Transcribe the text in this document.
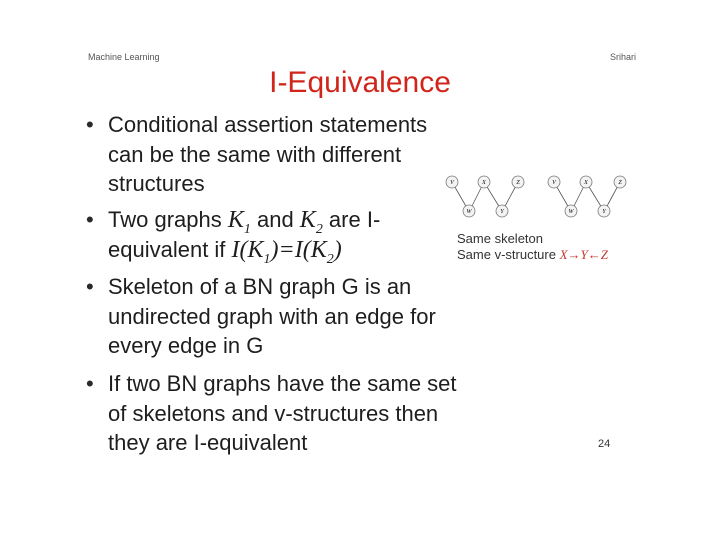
Machine Learning	Srihari
I-Equivalence
• Conditional assertion statements
can be the same with different
structures
• Two graphs $K_1$ and $K_2$ are I-
equivalent if $I(K_1)=I(K_2)$
• Skeleton of a BN graph G is an
undirected graph with an edge for
every edge in G
• If two BN graphs have the same set
of skeletons and v-structures then
they are I-equivalent
V	X	Z
W	Y
V	X	Z
W	Y
Same skeleton
Same v-structure X→Y←Z
24
